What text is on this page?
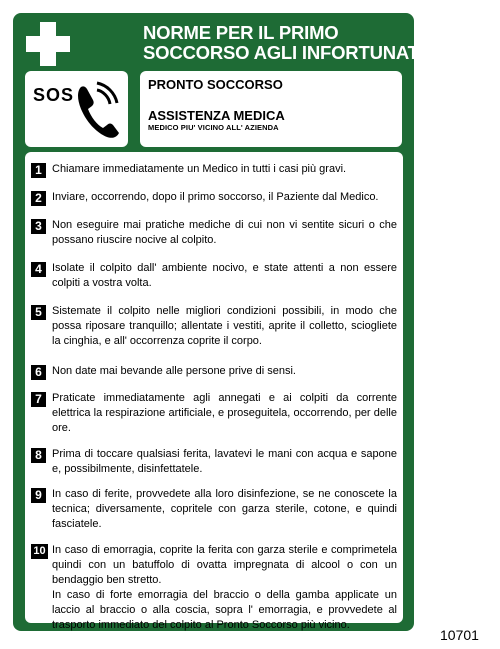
NORME PER IL PRIMO
SOCCORSO AGLI INFORTUNATI
SOS
PRONTO SOCCORSO
ASSISTENZA MEDICA
MEDICO PIU' VICINO ALL' AZIENDA
1 Chiamare immediatamente un Medico in tutti i casi più gravi.
2 Inviare, occorrendo, dopo il primo soccorso, il Paziente dal Medico.
3 Non eseguire mai pratiche mediche di cui non vi sentite sicuri o che possano riuscire nocive al colpito.
4 Isolate il colpito dall' ambiente nocivo, e state attenti a non essere colpiti a vostra volta.
5 Sistemate il colpito nelle migliori condizioni possibili, in modo che possa riposare tranquillo; allentate i vestiti, aprite il colletto, sciogliete la cinghia, e all' occorrenza coprite il corpo.
6 Non date mai bevande alle persone prive di sensi.
7 Praticate immediatamente agli annegati e ai colpiti da corrente elettrica la respirazione artificiale, e proseguitela, occorrendo, per delle ore.
8 Prima di toccare qualsiasi ferita, lavatevi le mani con acqua e sapone e, possibilmente, disinfettatele.
9 In caso di ferite, provvedete alla loro disinfezione, se ne conoscete la tecnica; diversamente, copritele con garza sterile, cotone, e quindi fasciatele.
10 In caso di emorragia, coprite la ferita con garza sterile e comprimetela quindi con un batuffolo di ovatta impregnata di alcool o con un bendaggio ben stretto.
In caso di forte emorragia del braccio o della gamba applicate un laccio al braccio o alla coscia, sopra l' emorragia, e provvedete al trasporto immediato del colpito al Pronto Soccorso più vicino.
10701
